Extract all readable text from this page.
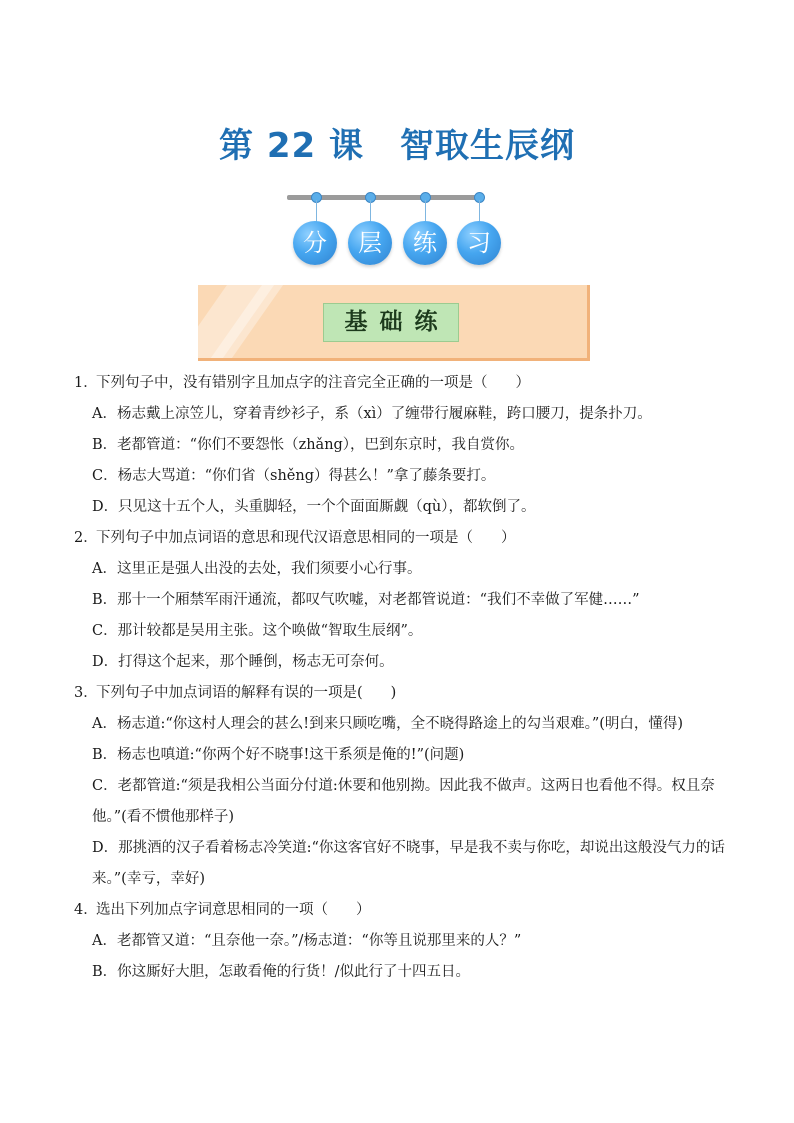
第 22 课 智取生辰纲
分	层	练	习
基础练

1．下列句子中，没有错别字且加点字的注音完全正确的一项是（ ）

A．杨志戴上凉笠儿，穿着青纱衫子，系（xì）了缠带行履麻鞋，跨口腰刀，提条扑刀。

B．老都管道：“你们不要怨怅（zhǎng），巴到东京时，我自赏你。

C．杨志大骂道：“你们省（shěng）得甚么！”拿了藤条要打。

D．只见这十五个人，头重脚轻，一个个面面厮觑（qù），都软倒了。

2．下列句子中加点词语的意思和现代汉语意思相同的一项是（ ）

A．这里正是强人出没的去处，我们须要小心行事。

B．那十一个厢禁军雨汗通流，都叹气吹嘘，对老都管说道：“我们不幸做了军健……”

C．那计较都是吴用主张。这个唤做“智取生辰纲”。

D．打得这个起来，那个睡倒，杨志无可奈何。

3．下列句子中加点词语的解释有误的一项是( )

A．杨志道:“你这村人理会的甚么!到来只顾吃嘴，全不晓得路途上的勾当艰难。”(明白，懂得)

B．杨志也嗔道:“你两个好不晓事!这干系须是俺的!”(问题)

C．老都管道:“须是我相公当面分付道:休要和他别拗。因此我不做声。这两日也看他不得。权且奈他。”(看不惯他那样子)

D．那挑酒的汉子看着杨志冷笑道:“你这客官好不晓事，早是我不卖与你吃，却说出这般没气力的话来。”(幸亏，幸好)

4．选出下列加点字词意思相同的一项（ ）

A．老都管又道：“且奈他一奈。”/杨志道：“你等且说那里来的人？”

B．你这厮好大胆，怎敢看俺的行货！/似此行了十四五日。
